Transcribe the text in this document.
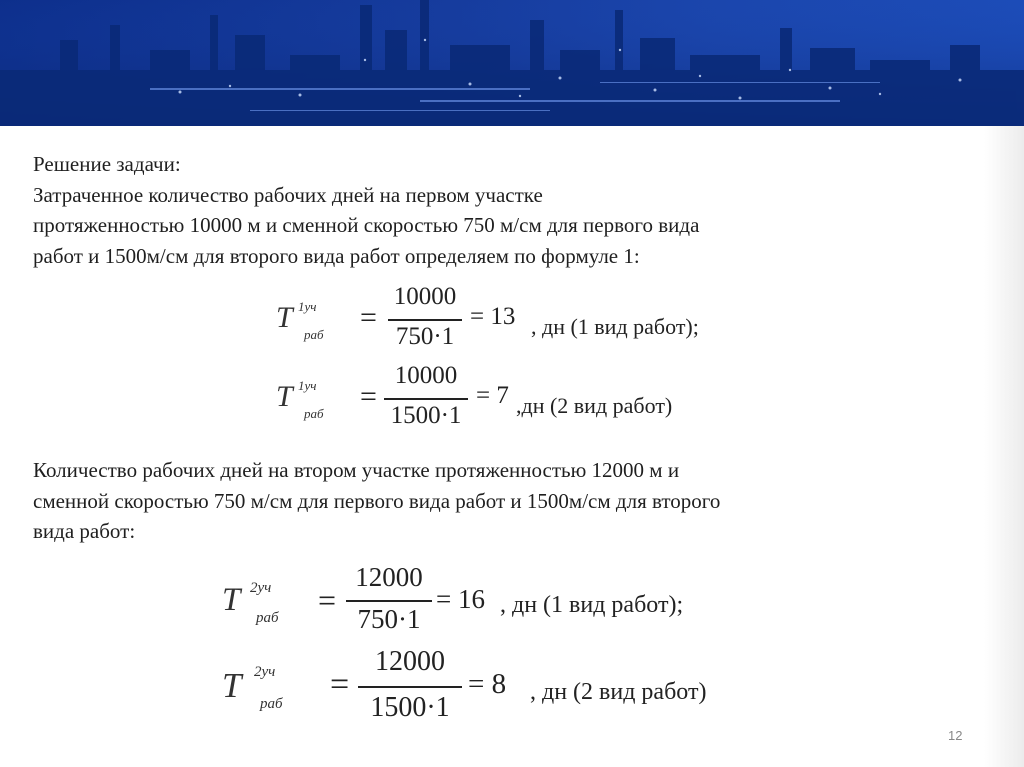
Решение задачи:
Затраченное количество рабочих дней на первом участке
протяженностью 10000 м и сменной скоростью 750 м/см для первого вида
работ и 1500м/см для второго вида работ определяем по формуле 1:
T 1уч
раб
=
10000
750·1
= 13 , дн (1 вид работ);
T 1уч
раб
=
10000
1500·1
= 7 ,дн (2 вид работ)
Количество рабочих дней на втором участке протяженностью 12000 м и
сменной скоростью 750 м/см для первого вида работ и 1500м/см для второго
вида работ:
T 2уч
раб =
12000
750·1
= 16 , дн (1 вид работ);
T 2уч
раб
=
12000
1500·1
= 8 , дн (2 вид работ)
12
